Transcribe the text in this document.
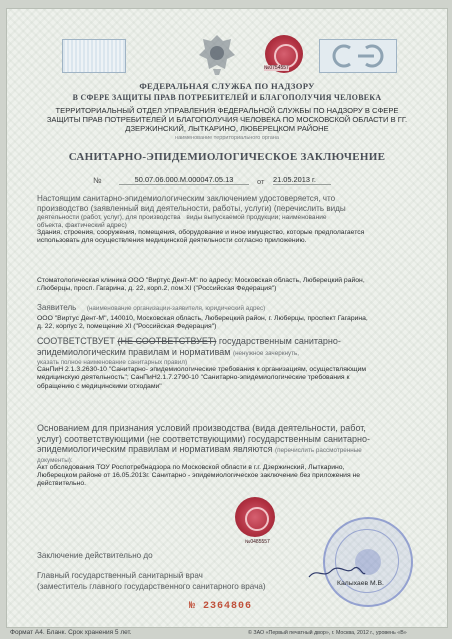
№0754557
ФЕДЕРАЛЬНАЯ СЛУЖБА ПО НАДЗОРУ
В СФЕРЕ ЗАЩИТЫ ПРАВ ПОТРЕБИТЕЛЕЙ И БЛАГОПОЛУЧИЯ ЧЕЛОВЕКА
ТЕРРИТОРИАЛЬНЫЙ ОТДЕЛ УПРАВЛЕНИЯ ФЕДЕРАЛЬНОЙ СЛУЖБЫ ПО НАДЗОРУ В СФЕРЕ
ЗАЩИТЫ ПРАВ ПОТРЕБИТЕЛЕЙ И БЛАГОПОЛУЧИЯ ЧЕЛОВЕКА ПО МОСКОВСКОЙ ОБЛАСТИ В ГГ.
ДЗЕРЖИНСКИЙ, ЛЫТКАРИНО, ЛЮБЕРЕЦКОМ РАЙОНЕ
наименование территориального органа
САНИТАРНО-ЭПИДЕМИОЛОГИЧЕСКОЕ ЗАКЛЮЧЕНИЕ
№	50.07.06.000.М.000047.05.13	от 21.05.2013 г.
Настоящим санитарно-эпидемиологическим заключением удостоверяется, что
производство (заявленный вид деятельности, работы, услуги) (перечислить виды
деятельности (работ, услуг), для производства виды выпускаемой продукции; наименование
объекта, фактический адрес)
Здания, строения, сооружения, помещения, оборудование и иное имущество, которые предполагается
использовать для осуществления медицинской деятельности согласно приложению.
Стоматологическая клиника ООО "Виртус Дент-М" по адресу: Московская область, Люберецкий район,
г.Люберцы, просп. Гагарина, д. 22, корп.2, пом.XI ("Российская Федерация")
Заявитель (наименование организации-заявителя, юридический адрес)
ООО "Виртус Дент-М", 140010, Московская область, Люберецкий район, г. Люберцы, проспект Гагарина,
д. 22, корпус 2, помещение XI ("Российская Федерация")
СООТВЕТСТВУЕТ (НЕ СООТВЕТСТВУЕТ) государственным санитарно-
эпидемиологическим правилам и нормативам (ненужное зачеркнуть,
указать полное наименование санитарных правил)
СанПиН 2.1.3.2630-10 "Санитарно- эпидемиологические требования к организациям, осуществляющим
медицинскую деятельность"; СанПиН2.1.7.2790-10 "Санитарно-эпидемиологические требования к
обращению с медицинскими отходами"
Основанием для признания условий производства (вида деятельности, работ,
услуг) соответствующими (не соответствующими) государственным санитарно-
эпидемиологическим правилам и нормативам являются (перечислить рассмотренные
документы):
Акт обследования ТОУ Роспотребнадзора по Московской области в г.г. Дзержинский, Лыткарино,
Люберецком районе от 16.05.2013г. Санитарно - эпидемиологическое заключение без приложения не
действительно.
№0485557
Заключение действительно до
Главный государственный санитарный врач
(заместитель главного государственного санитарного врача)	Калыхаев М.В.
№ 2364806
Формат А4. Бланк. Срок хранения 5 лет.	© ЗАО «Первый печатный двор», г. Москва, 2012 г., уровень «В»
